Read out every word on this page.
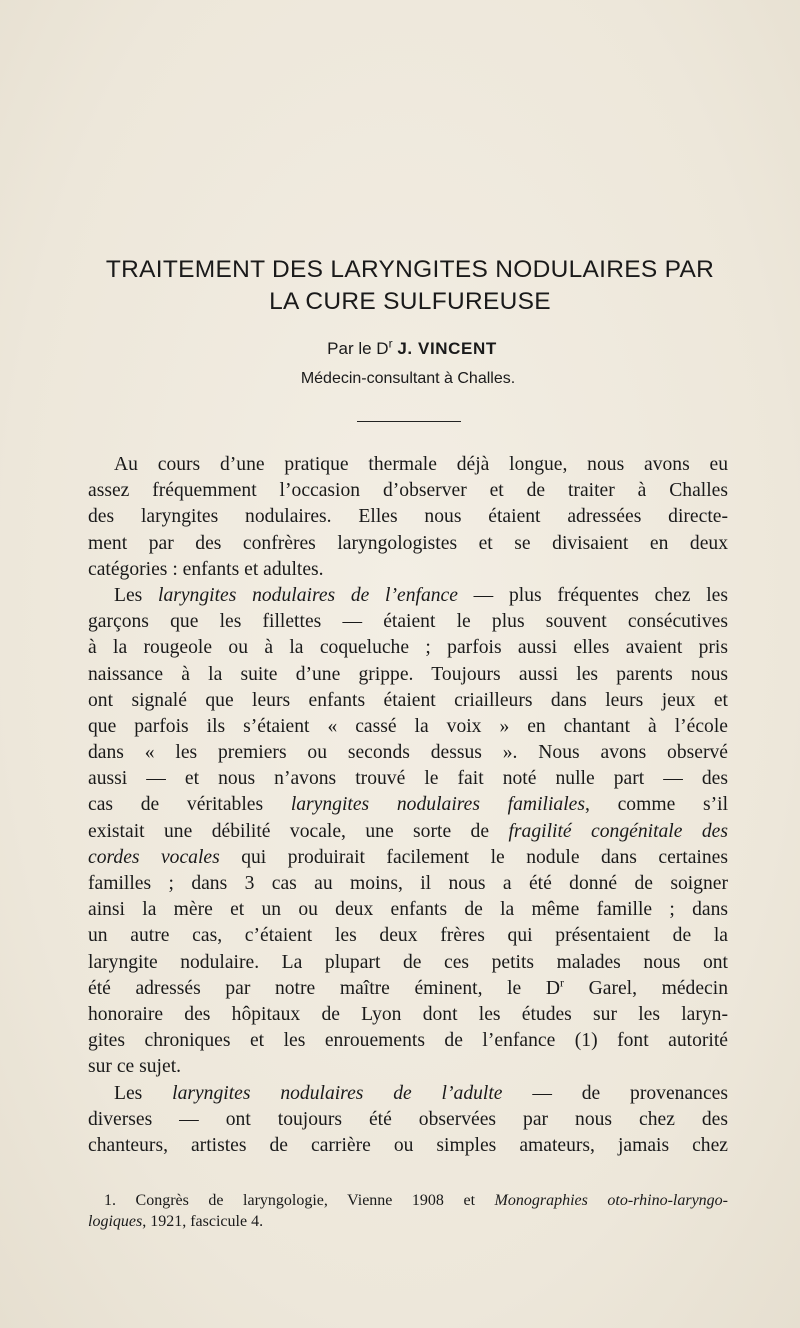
TRAITEMENT DES LARYNGITES NODULAIRES PAR
LA CURE SULFUREUSE
Par le $D^r$ J. VINCENT
Médecin-consultant à Challes.
Au cours d’une pratique thermale déjà longue, nous avons eu
assez fréquemment l’occasion d’observer et de traiter à Challes
des laryngites nodulaires. Elles nous étaient adressées directe-
ment par des confrères laryngologistes et se divisaient en deux
catégories : enfants et adultes.
Les laryngites nodulaires de l’enfance — plus fréquentes chez les
garçons que les fillettes — étaient le plus souvent consécutives
à la rougeole ou à la coqueluche ; parfois aussi elles avaient pris
naissance à la suite d’une grippe. Toujours aussi les parents nous
ont signalé que leurs enfants étaient criailleurs dans leurs jeux et
que parfois ils s’étaient « cassé la voix » en chantant à l’école
dans « les premiers ou seconds dessus ». Nous avons observé
aussi — et nous n’avons trouvé le fait noté nulle part — des
cas de véritables laryngites nodulaires familiales, comme s’il
existait une débilité vocale, une sorte de fragilité congénitale des
cordes vocales qui produirait facilement le nodule dans certaines
familles ; dans 3 cas au moins, il nous a été donné de soigner
ainsi la mère et un ou deux enfants de la même famille ; dans
un autre cas, c’étaient les deux frères qui présentaient de la
laryngite nodulaire. La plupart de ces petits malades nous ont
été adressés par notre maître éminent, le $D^r$ Garel, médecin
honoraire des hôpitaux de Lyon dont les études sur les laryn-
gites chroniques et les enrouements de l’enfance (1) font autorité
sur ce sujet.
Les laryngites nodulaires de l’adulte — de provenances
diverses — ont toujours été observées par nous chez des
chanteurs, artistes de carrière ou simples amateurs, jamais chez
1. Congrès de laryngologie, Vienne 1908 et Monographies oto-rhino-laryngo-
logiques, 1921, fascicule 4.
